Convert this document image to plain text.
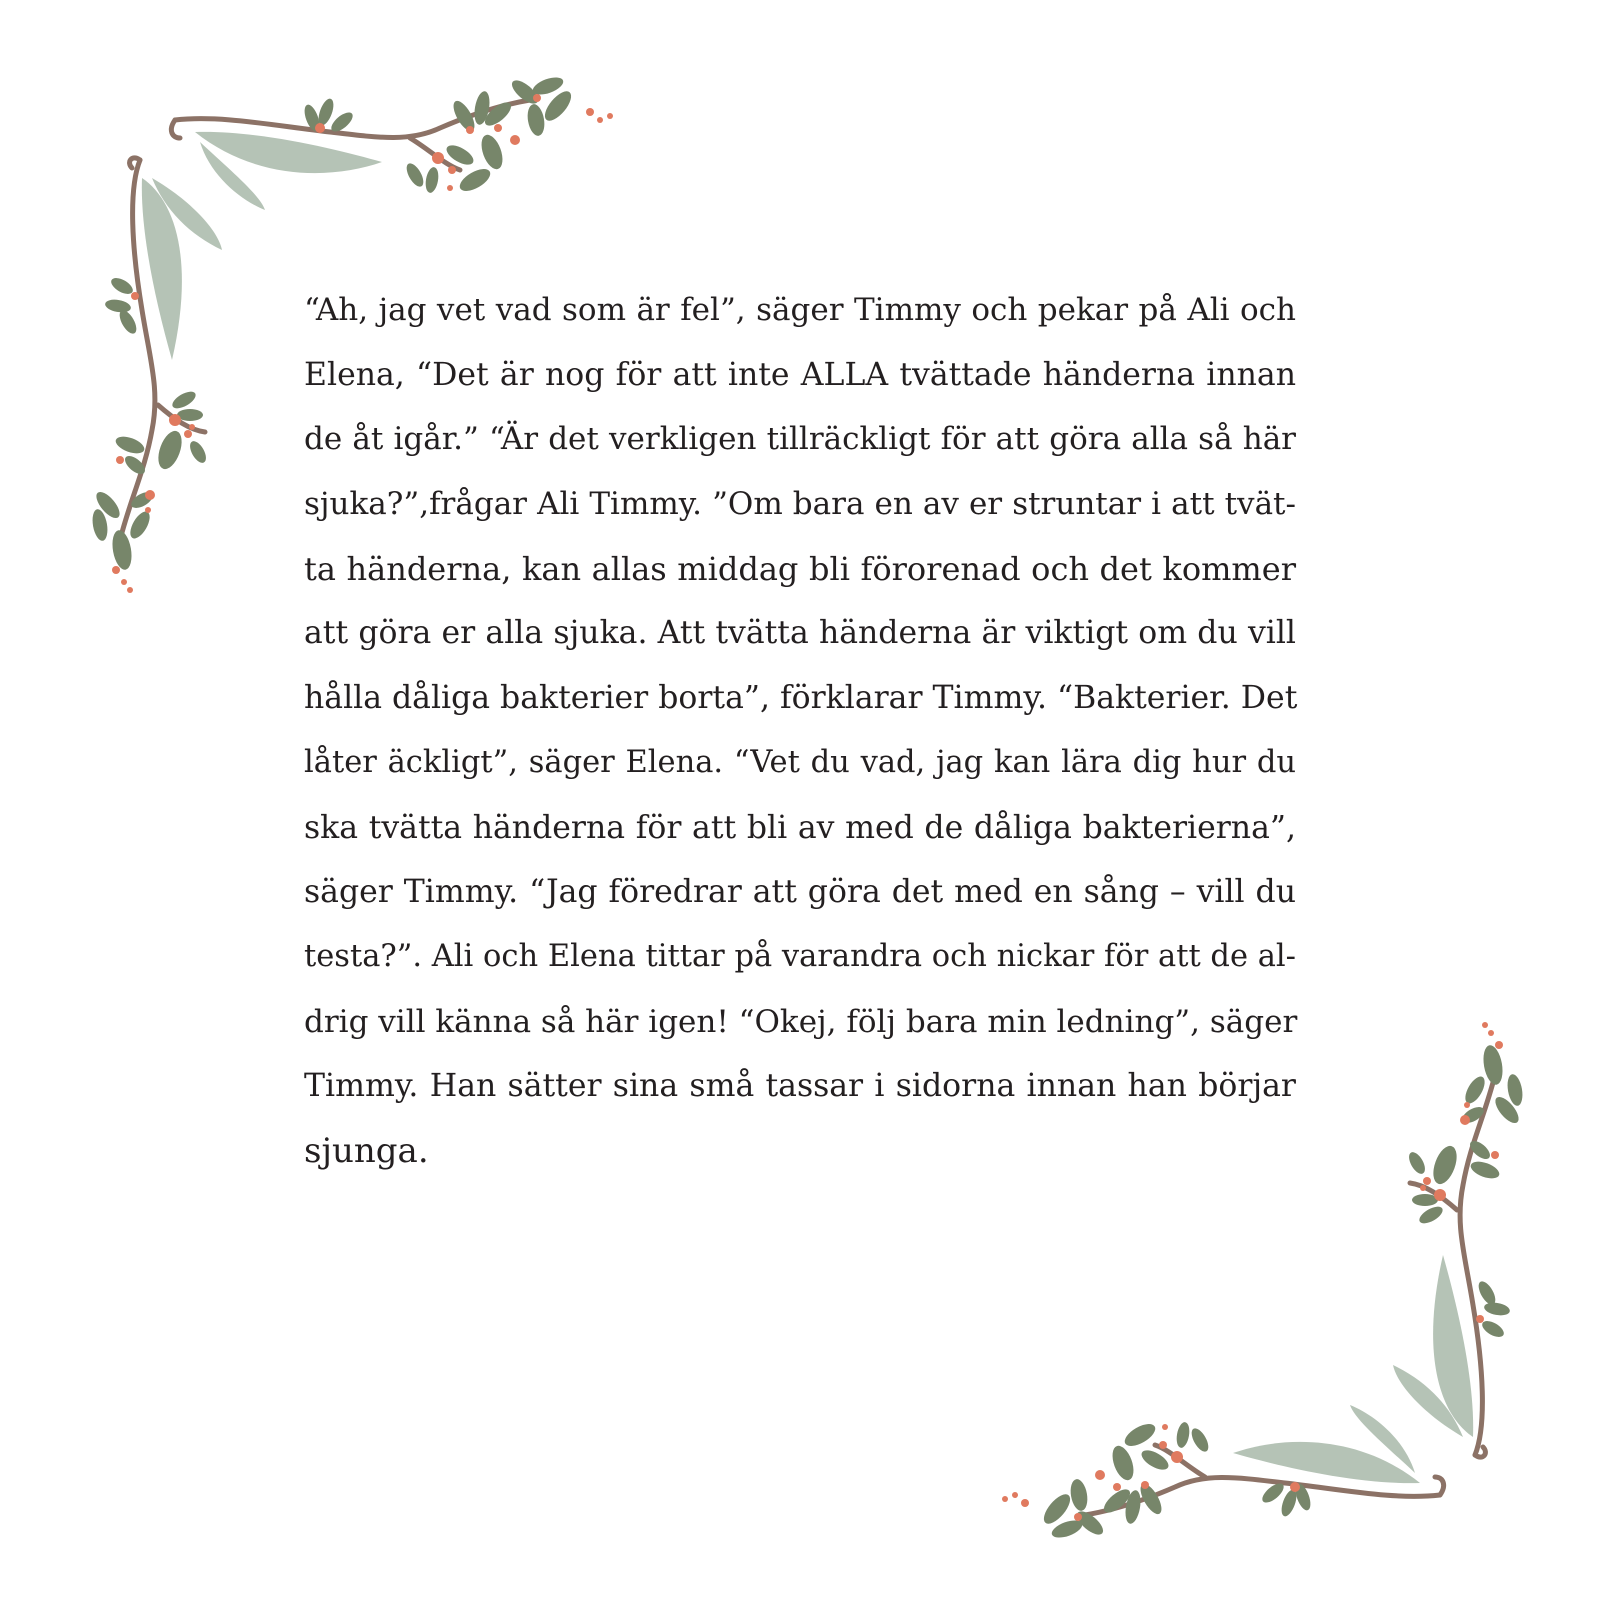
“Ah, jag vet vad som är fel”, säger Timmy och pekar på Ali och
Elena, “Det är nog för att inte ALLA tvättade händerna innan
de åt igår.” “Är det verkligen tillräckligt för att göra alla så här
sjuka?”,frågar Ali Timmy. ”Om bara en av er struntar i att tvät-
ta händerna, kan allas middag bli förorenad och det kommer
att göra er alla sjuka. Att tvätta händerna är viktigt om du vill
hålla dåliga bakterier borta”, förklarar Timmy. “Bakterier. Det
låter äckligt”, säger Elena. “Vet du vad, jag kan lära dig hur du
ska tvätta händerna för att bli av med de dåliga bakterierna”,
säger Timmy. “Jag föredrar att göra det med en sång – vill du
testa?”. Ali och Elena tittar på varandra och nickar för att de al-
drig vill känna så här igen! “Okej, följ bara min ledning”, säger
Timmy. Han sätter sina små tassar i sidorna innan han börjar
sjunga.
